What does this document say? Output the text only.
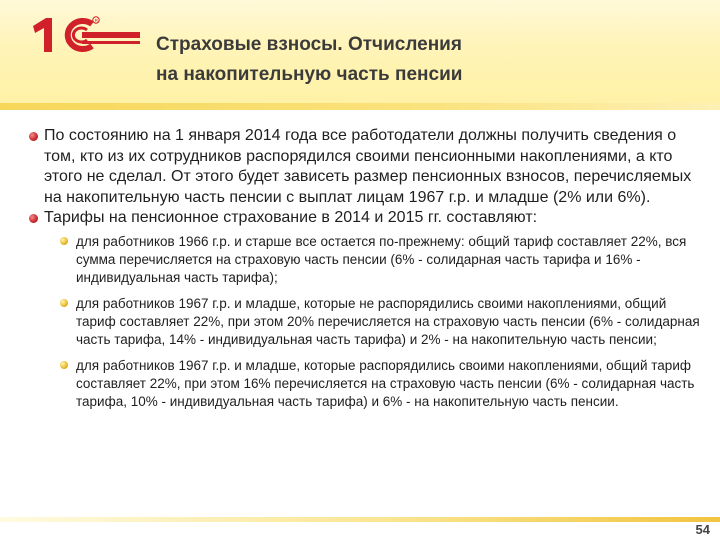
R
Страховые взносы. Отчисления
на накопительную часть пенсии
По состоянию на 1 января 2014 года все работодатели должны получить сведения о том, кто из их сотрудников распорядился своими пенсионными накоплениями, а кто этого не сделал. От этого будет зависеть размер пенсионных взносов, перечисляемых на накопительную часть пенсии с выплат лицам 1967 г.р. и младше (2% или 6%).
Тарифы на пенсионное страхование в 2014 и 2015 гг. составляют:
для работников 1966 г.р. и старше все остается по-прежнему: общий тариф составляет 22%, вся сумма перечисляется на страховую часть пенсии (6% - солидарная часть тарифа и 16% - индивидуальная часть тарифа);
для работников 1967 г.р. и младше, которые не распорядились своими накоплениями, общий тариф составляет 22%, при этом 20% перечисляется на страховую часть пенсии (6% - солидарная часть тарифа, 14% - индивидуальная часть тарифа) и 2% - на накопительную часть пенсии;
для работников 1967 г.р. и младше, которые распорядились своими накоплениями, общий тариф составляет 22%, при этом 16% перечисляется на страховую часть пенсии (6% - солидарная часть тарифа, 10% - индивидуальная часть тарифа) и 6% - на накопительную часть пенсии.
54
